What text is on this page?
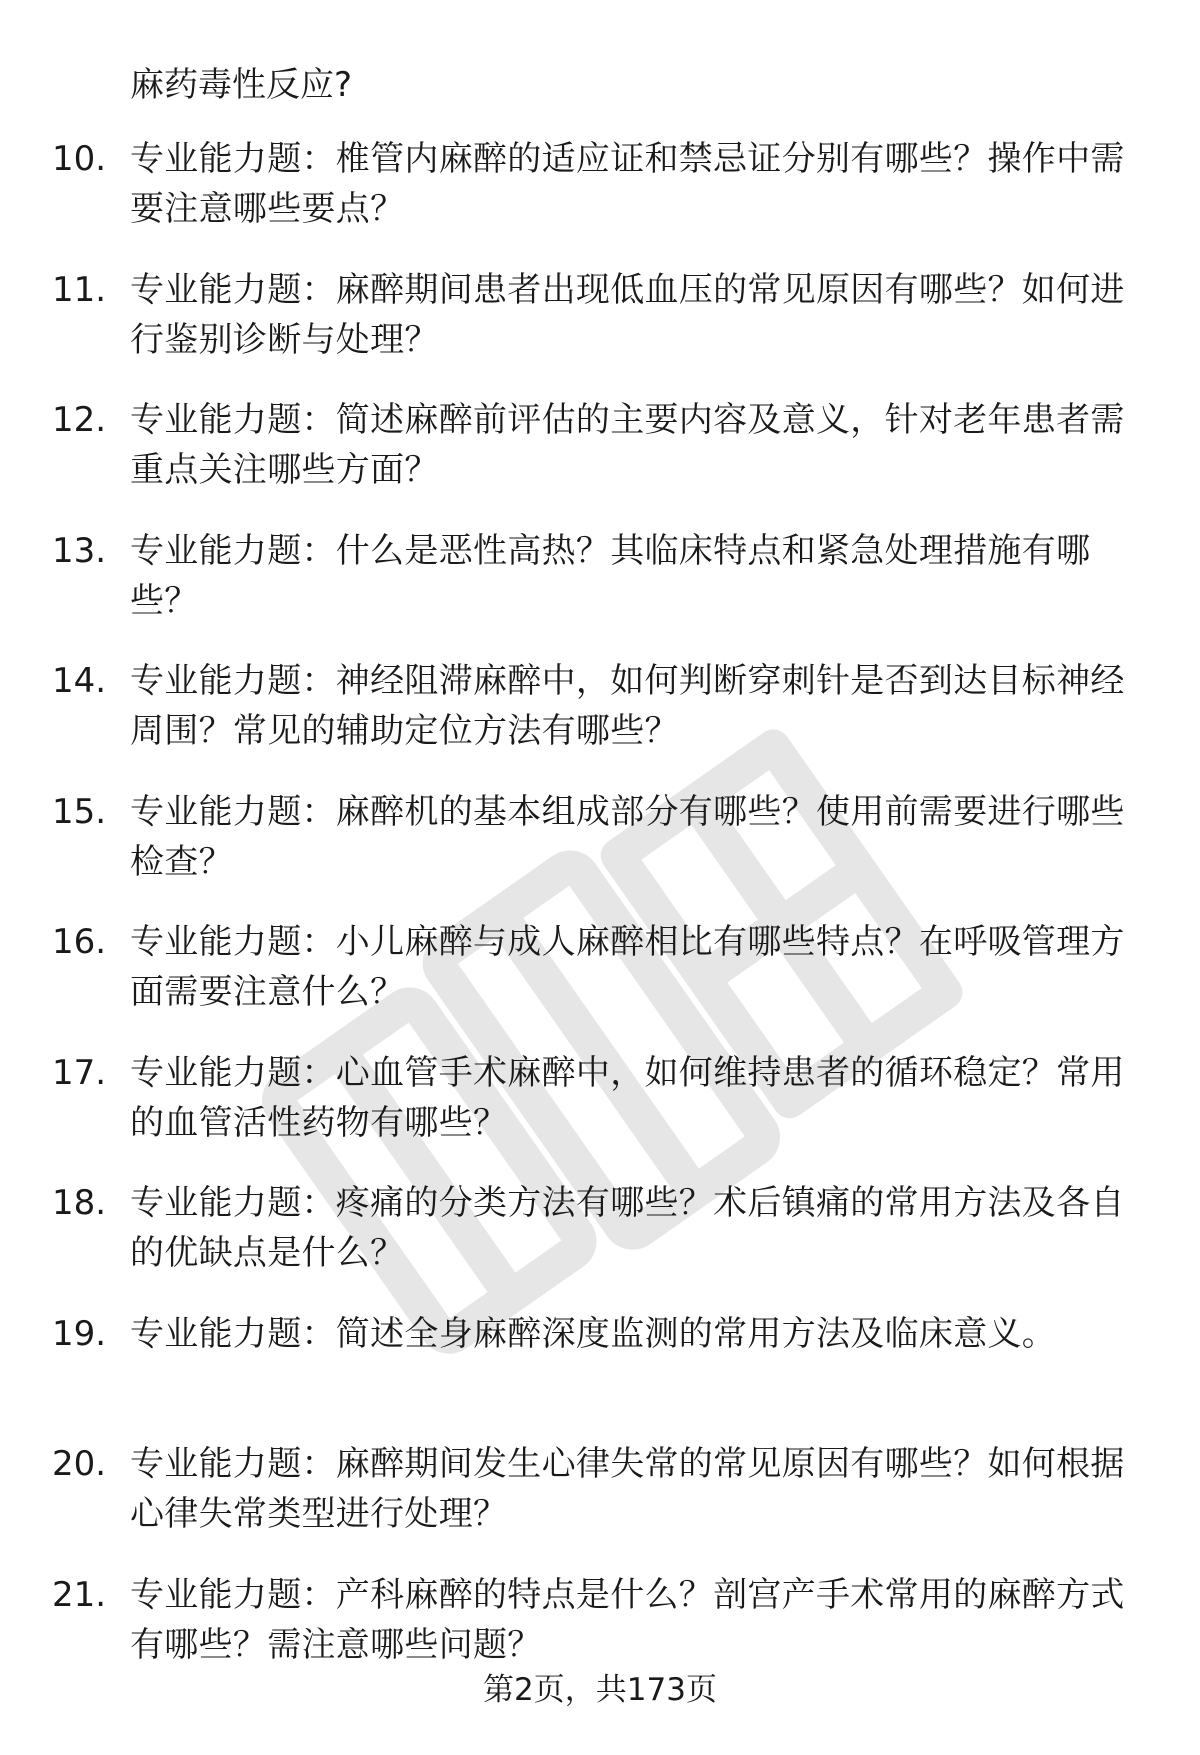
麻药毒性反应?
10. 专业能力题：椎管内麻醉的适应证和禁忌证分别有哪些？操作中需要注意哪些要点？
11. 专业能力题：麻醉期间患者出现低血压的常见原因有哪些？如何进行鉴别诊断与处理？
12. 专业能力题：简述麻醉前评估的主要内容及意义，针对老年患者需重点关注哪些方面？
13. 专业能力题：什么是恶性高热？其临床特点和紧急处理措施有哪些？
14. 专业能力题：神经阻滞麻醉中，如何判断穿刺针是否到达目标神经周围？常见的辅助定位方法有哪些？
15. 专业能力题：麻醉机的基本组成部分有哪些？使用前需要进行哪些检查？
16. 专业能力题：小儿麻醉与成人麻醉相比有哪些特点？在呼吸管理方面需要注意什么？
17. 专业能力题：心血管手术麻醉中，如何维持患者的循环稳定？常用的血管活性药物有哪些？
18. 专业能力题：疼痛的分类方法有哪些？术后镇痛的常用方法及各自的优缺点是什么？
19. 专业能力题：简述全身麻醉深度监测的常用方法及临床意义。
20. 专业能力题：麻醉期间发生心律失常的常见原因有哪些？如何根据心律失常类型进行处理？
21. 专业能力题：产科麻醉的特点是什么？剖宫产手术常用的麻醉方式有哪些？需注意哪些问题？
第2页，共173页
